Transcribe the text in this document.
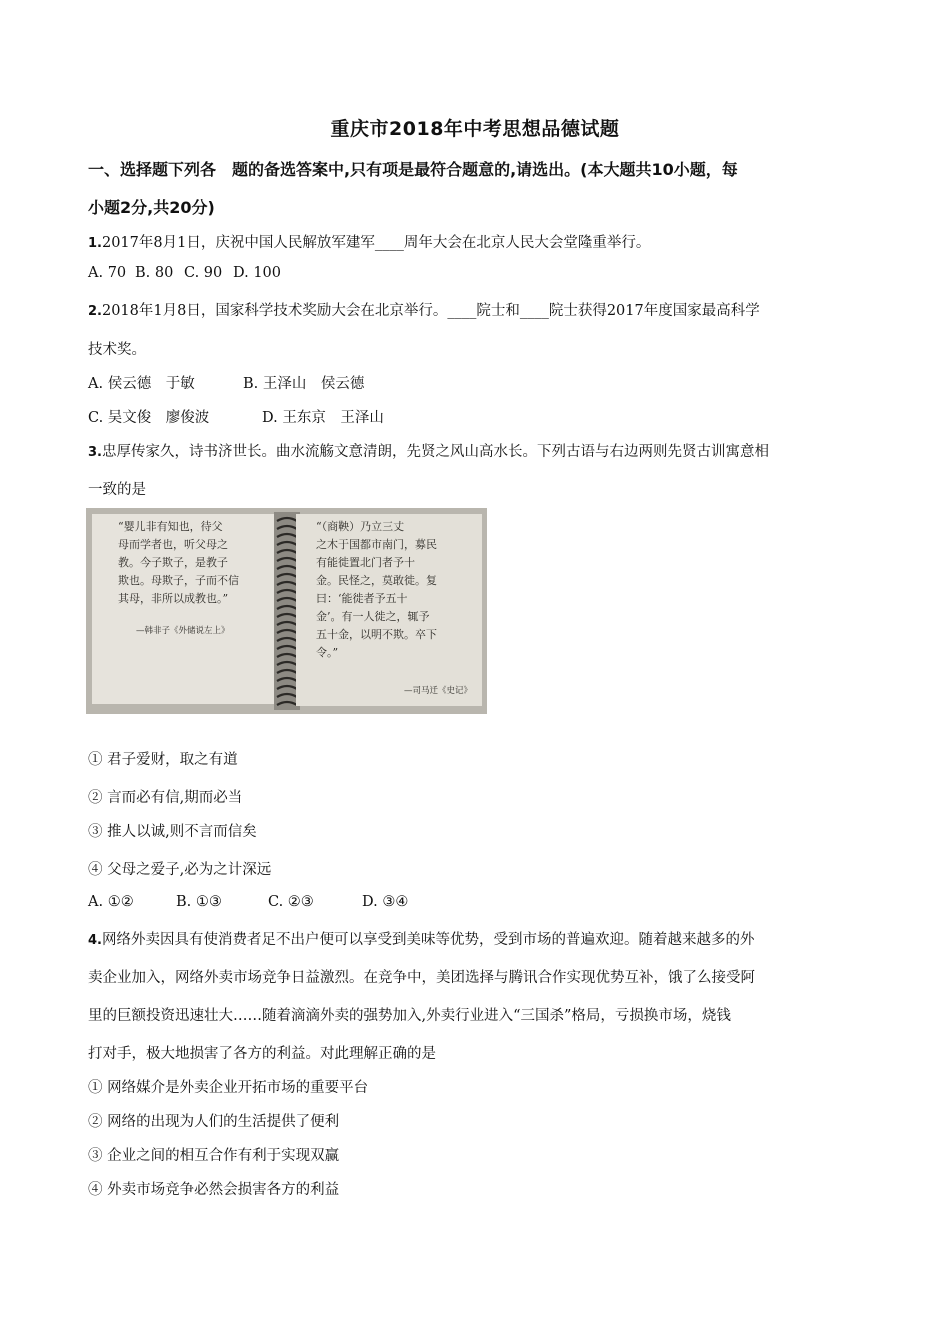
重庆市2018年中考思想品德试题
一、选择题下列各　题的备选答案中,只有项是最符合题意的,请选出。(本大题共10小题，每
小题2分,共20分)
1.2017年8月1日，庆祝中国人民解放军建军____周年大会在北京人民大会堂隆重举行。
A. 70 B. 80 C. 90 D. 100
2.2018年1月8日，国家科学技术奖励大会在北京举行。____院士和____院士获得2017年度国家最高科学
技术奖。
A. 侯云德　于敏	B. 王泽山　侯云德
C. 吴文俊　廖俊波	D. 王东京　王泽山
3.忠厚传家久，诗书济世长。曲水流觞文意清朗，先贤之风山高水长。下列古语与右边两则先贤古训寓意相
一致的是
“婴儿非有知也，待父
母而学者也，听父母之
教。今子欺子，是教子
欺也。母欺子，子而不信
其母，非所以成教也。”
—韩非子《外储说左上》
“（商鞅）乃立三丈
之木于国都市南门，募民
有能徙置北门者予十
金。民怪之，莫敢徙。复
曰：‘能徙者予五十
金’。有一人徙之，辄予
五十金，以明不欺。卒下
令。”
—司马迁《史记》
① 君子爱财，取之有道
② 言而必有信,期而必当
③ 推人以诚,则不言而信矣
④ 父母之爱子,必为之计深远
A. ①②	B. ①③	C. ②③	D. ③④
4.网络外卖因具有使消费者足不出户便可以享受到美味等优势，受到市场的普遍欢迎。随着越来越多的外
卖企业加入，网络外卖市场竞争日益激烈。在竞争中，美团选择与腾讯合作实现优势互补，饿了么接受阿
里的巨额投资迅速壮大……随着滴滴外卖的强势加入,外卖行业进入“三国杀”格局，亏损换市场，烧钱
打对手，极大地损害了各方的利益。对此理解正确的是
① 网络媒介是外卖企业开拓市场的重要平台
② 网络的出现为人们的生活提供了便利
③ 企业之间的相互合作有利于实现双赢
④ 外卖市场竞争必然会损害各方的利益
